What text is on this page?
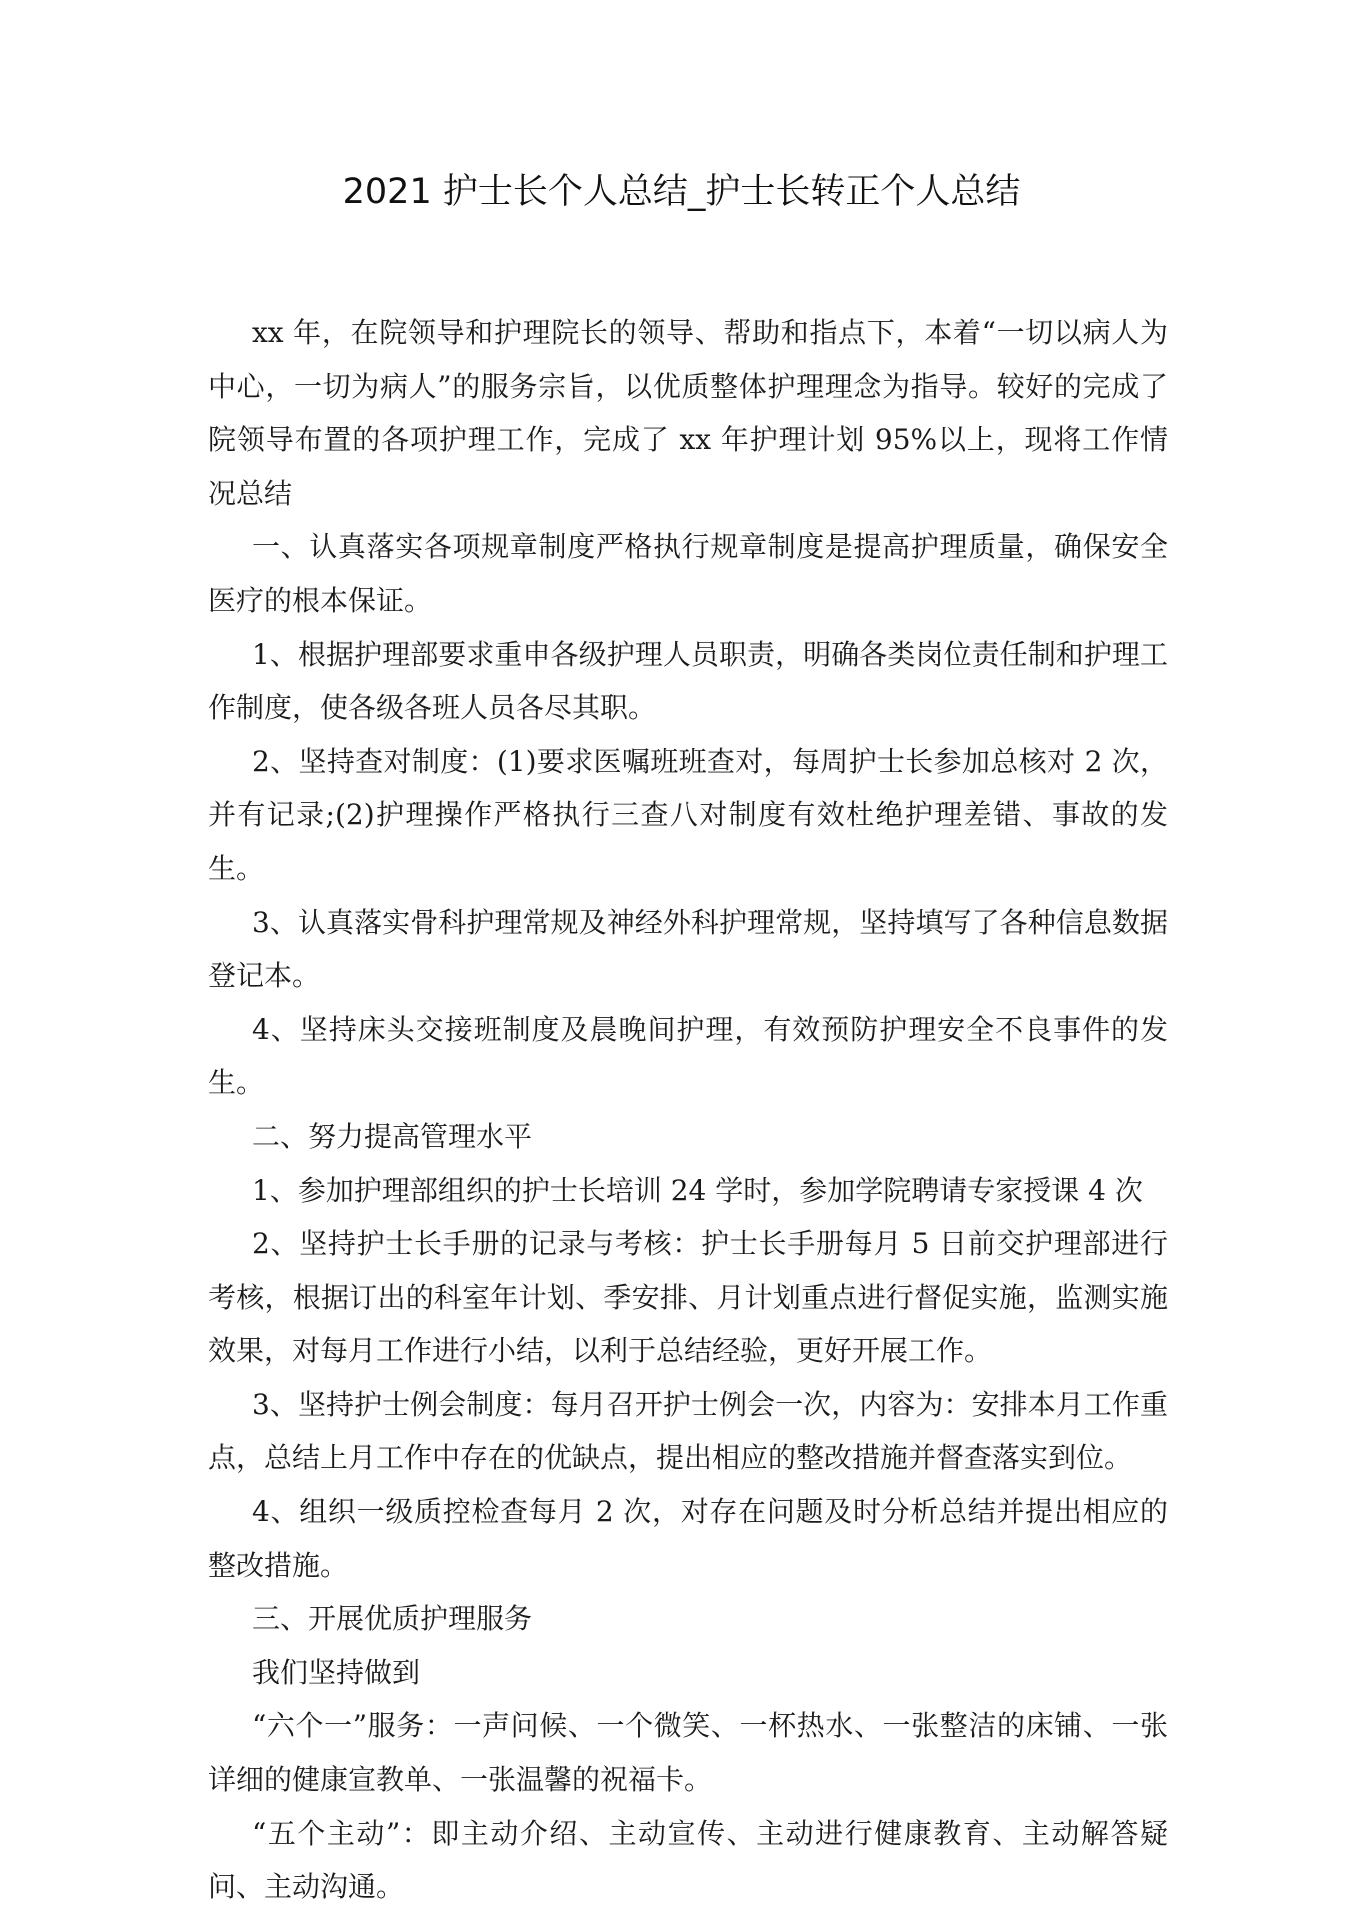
2021 护士长个人总结_护士长转正个人总结

xx 年，在院领导和护理院长的领导、帮助和指点下，本着“一切以病人为中心，一切为病人”的服务宗旨，以优质整体护理理念为指导。较好的完成了院领导布置的各项护理工作，完成了 xx 年护理计划 95%以上，现将工作情况总结

一、认真落实各项规章制度严格执行规章制度是提高护理质量，确保安全医疗的根本保证。

1、根据护理部要求重申各级护理人员职责，明确各类岗位责任制和护理工作制度，使各级各班人员各尽其职。

2、坚持查对制度：(1)要求医嘱班班查对，每周护士长参加总核对 2 次，并有记录;(2)护理操作严格执行三查八对制度有效杜绝护理差错、事故的发生。

3、认真落实骨科护理常规及神经外科护理常规，坚持填写了各种信息数据登记本。

4、坚持床头交接班制度及晨晚间护理，有效预防护理安全不良事件的发生。

二、努力提高管理水平

1、参加护理部组织的护士长培训 24 学时，参加学院聘请专家授课 4 次

2、坚持护士长手册的记录与考核：护士长手册每月 5 日前交护理部进行考核，根据订出的科室年计划、季安排、月计划重点进行督促实施，监测实施效果，对每月工作进行小结，以利于总结经验，更好开展工作。

3、坚持护士例会制度：每月召开护士例会一次，内容为：安排本月工作重点，总结上月工作中存在的优缺点，提出相应的整改措施并督查落实到位。

4、组织一级质控检查每月 2 次，对存在问题及时分析总结并提出相应的整改措施。

三、开展优质护理服务

我们坚持做到

“六个一”服务：一声问候、一个微笑、一杯热水、一张整洁的床铺、一张详细的健康宣教单、一张温馨的祝福卡。

“五个主动”：即主动介绍、主动宣传、主动进行健康教育、主动解答疑问、主动沟通。
